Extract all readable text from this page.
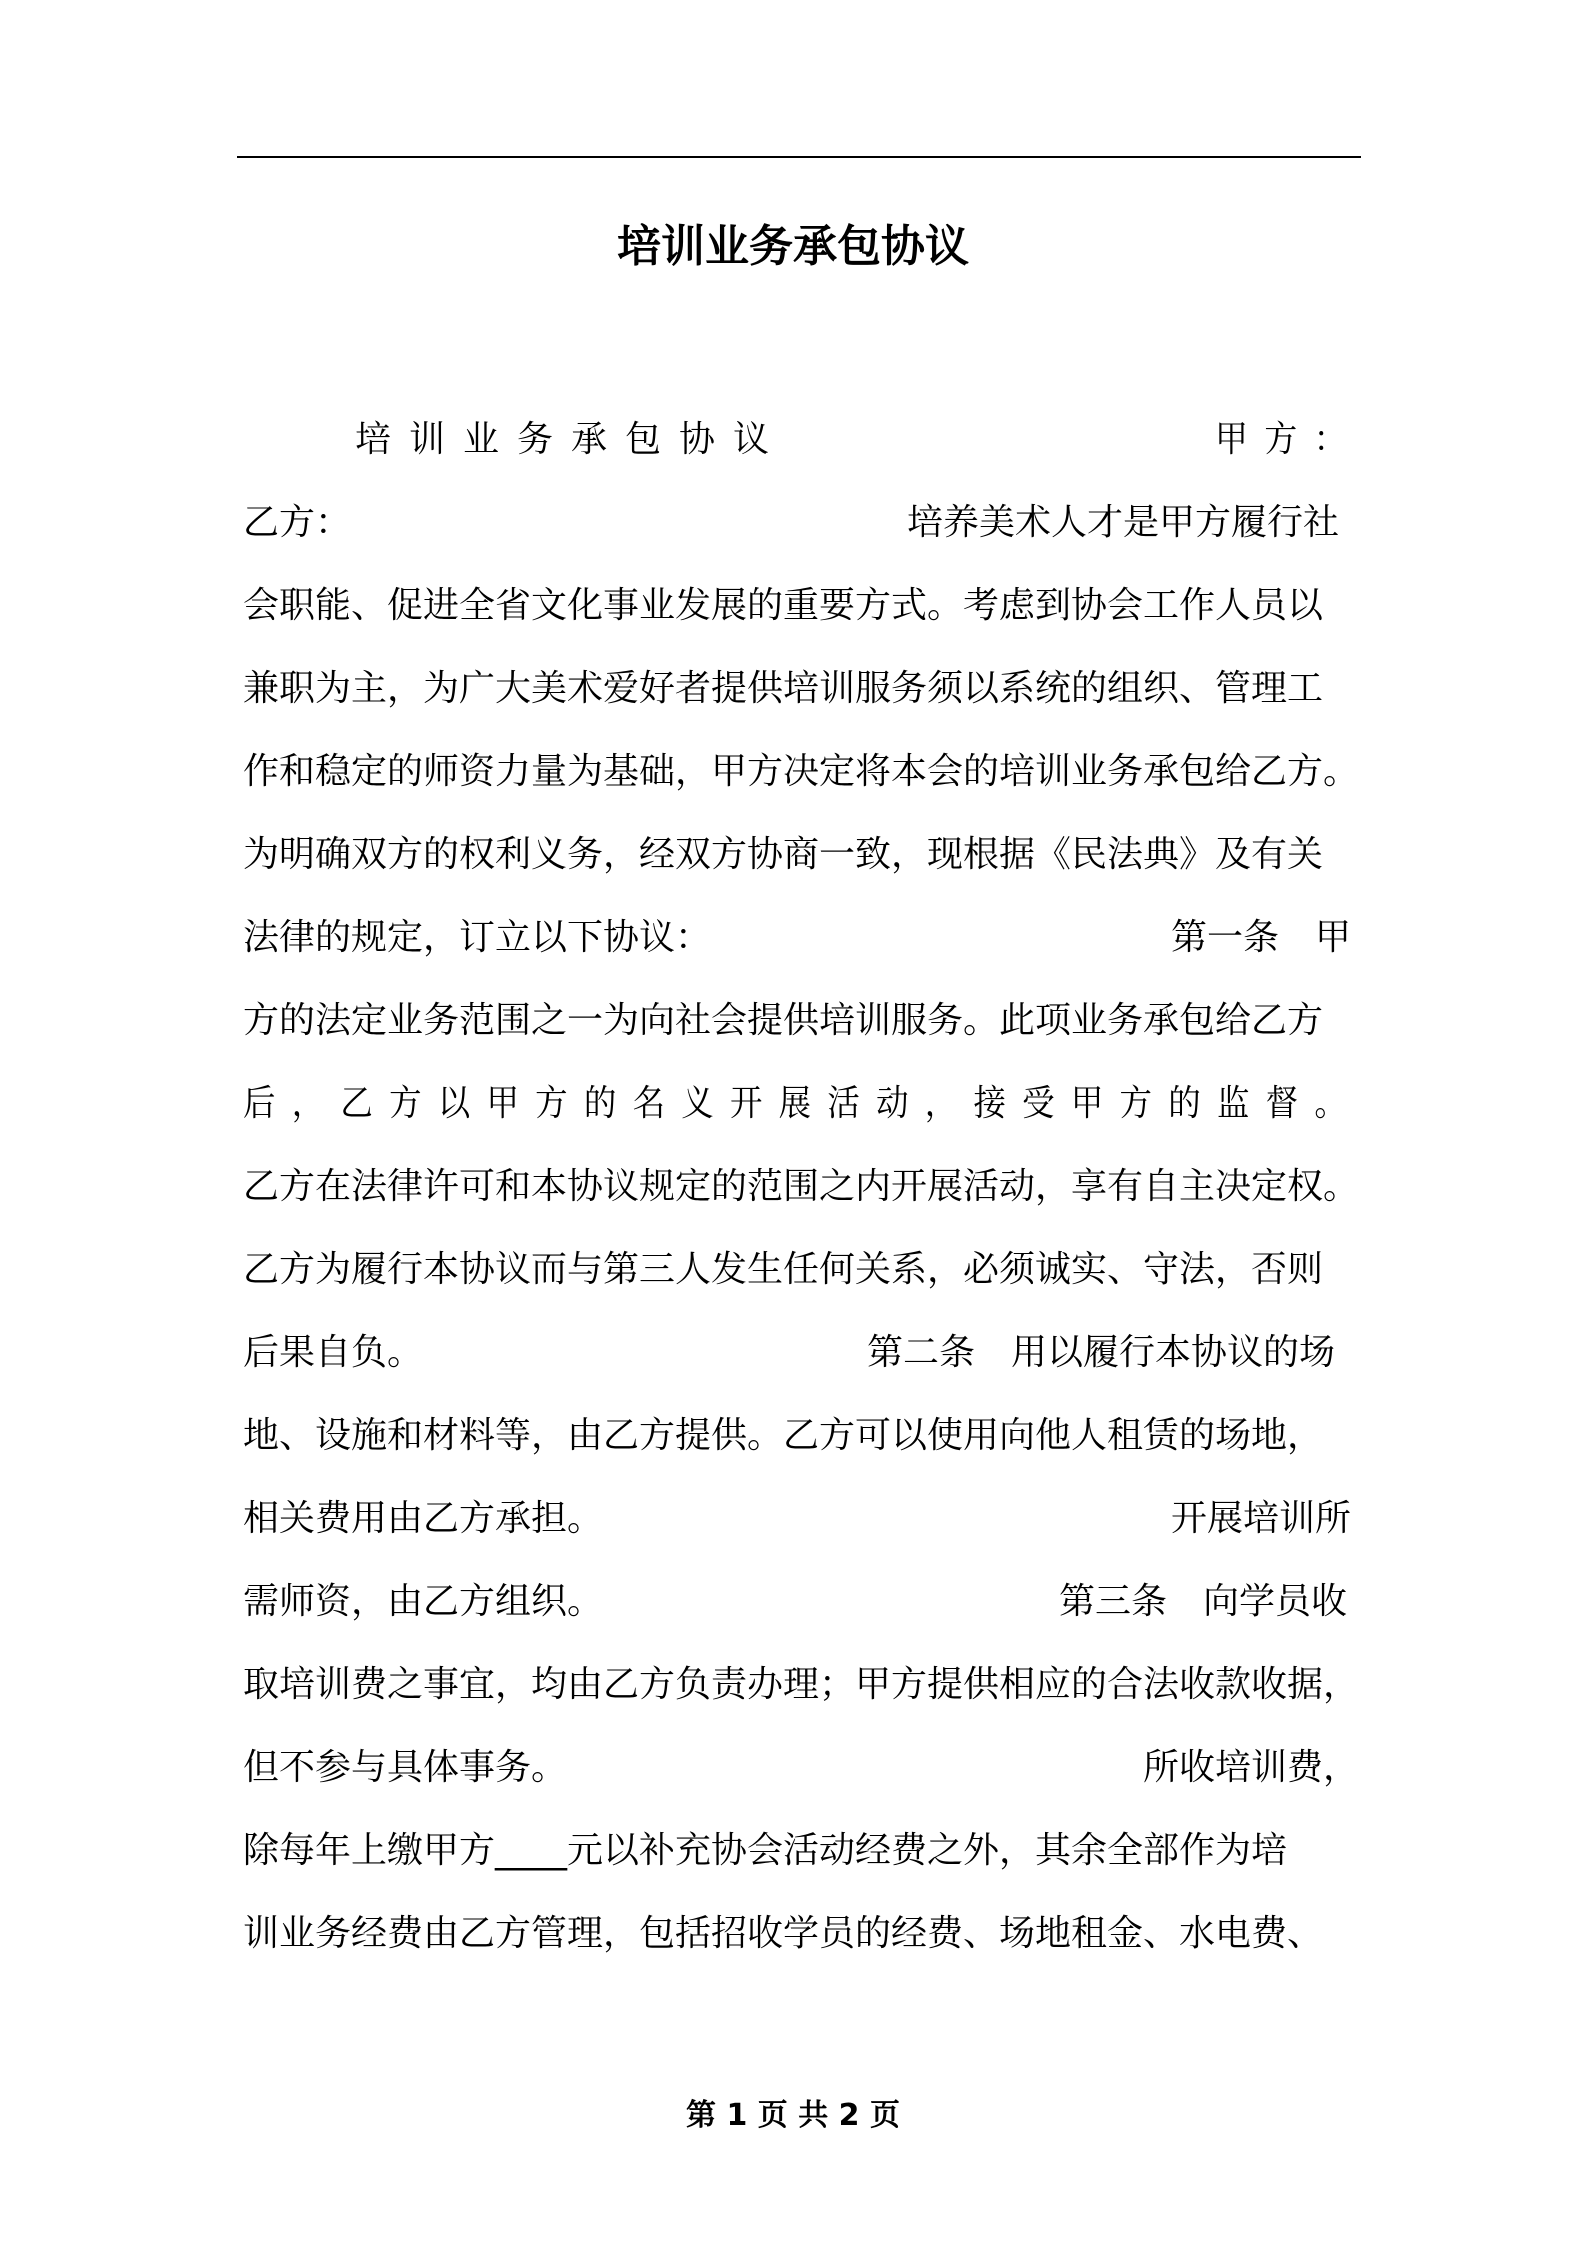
培训业务承包协议
培训业务承包协议	甲方：
乙方：	培养美术人才是甲方履行社
会职能、促进全省文化事业发展的重要方式。考虑到协会工作人员以
兼职为主，为广大美术爱好者提供培训服务须以系统的组织、管理工
作和稳定的师资力量为基础，甲方决定将本会的培训业务承包给乙方。
为明确双方的权利义务，经双方协商一致，现根据《民法典》及有关
法律的规定，订立以下协议：	第一条　甲
方的法定业务范围之一为向社会提供培训服务。此项业务承包给乙方
后，乙方以甲方的名义开展活动，接受甲方的监督。
乙方在法律许可和本协议规定的范围之内开展活动，享有自主决定权。
乙方为履行本协议而与第三人发生任何关系，必须诚实、守法，否则
后果自负。	第二条　用以履行本协议的场
地、设施和材料等，由乙方提供。乙方可以使用向他人租赁的场地，
相关费用由乙方承担。	开展培训所
需师资，由乙方组织。	第三条　向学员收
取培训费之事宜，均由乙方负责办理；甲方提供相应的合法收款收据，
但不参与具体事务。	所收培训费，
除每年上缴甲方____元以补充协会活动经费之外，其余全部作为培
训业务经费由乙方管理，包括招收学员的经费、场地租金、水电费、
第 1 页 共 2 页
